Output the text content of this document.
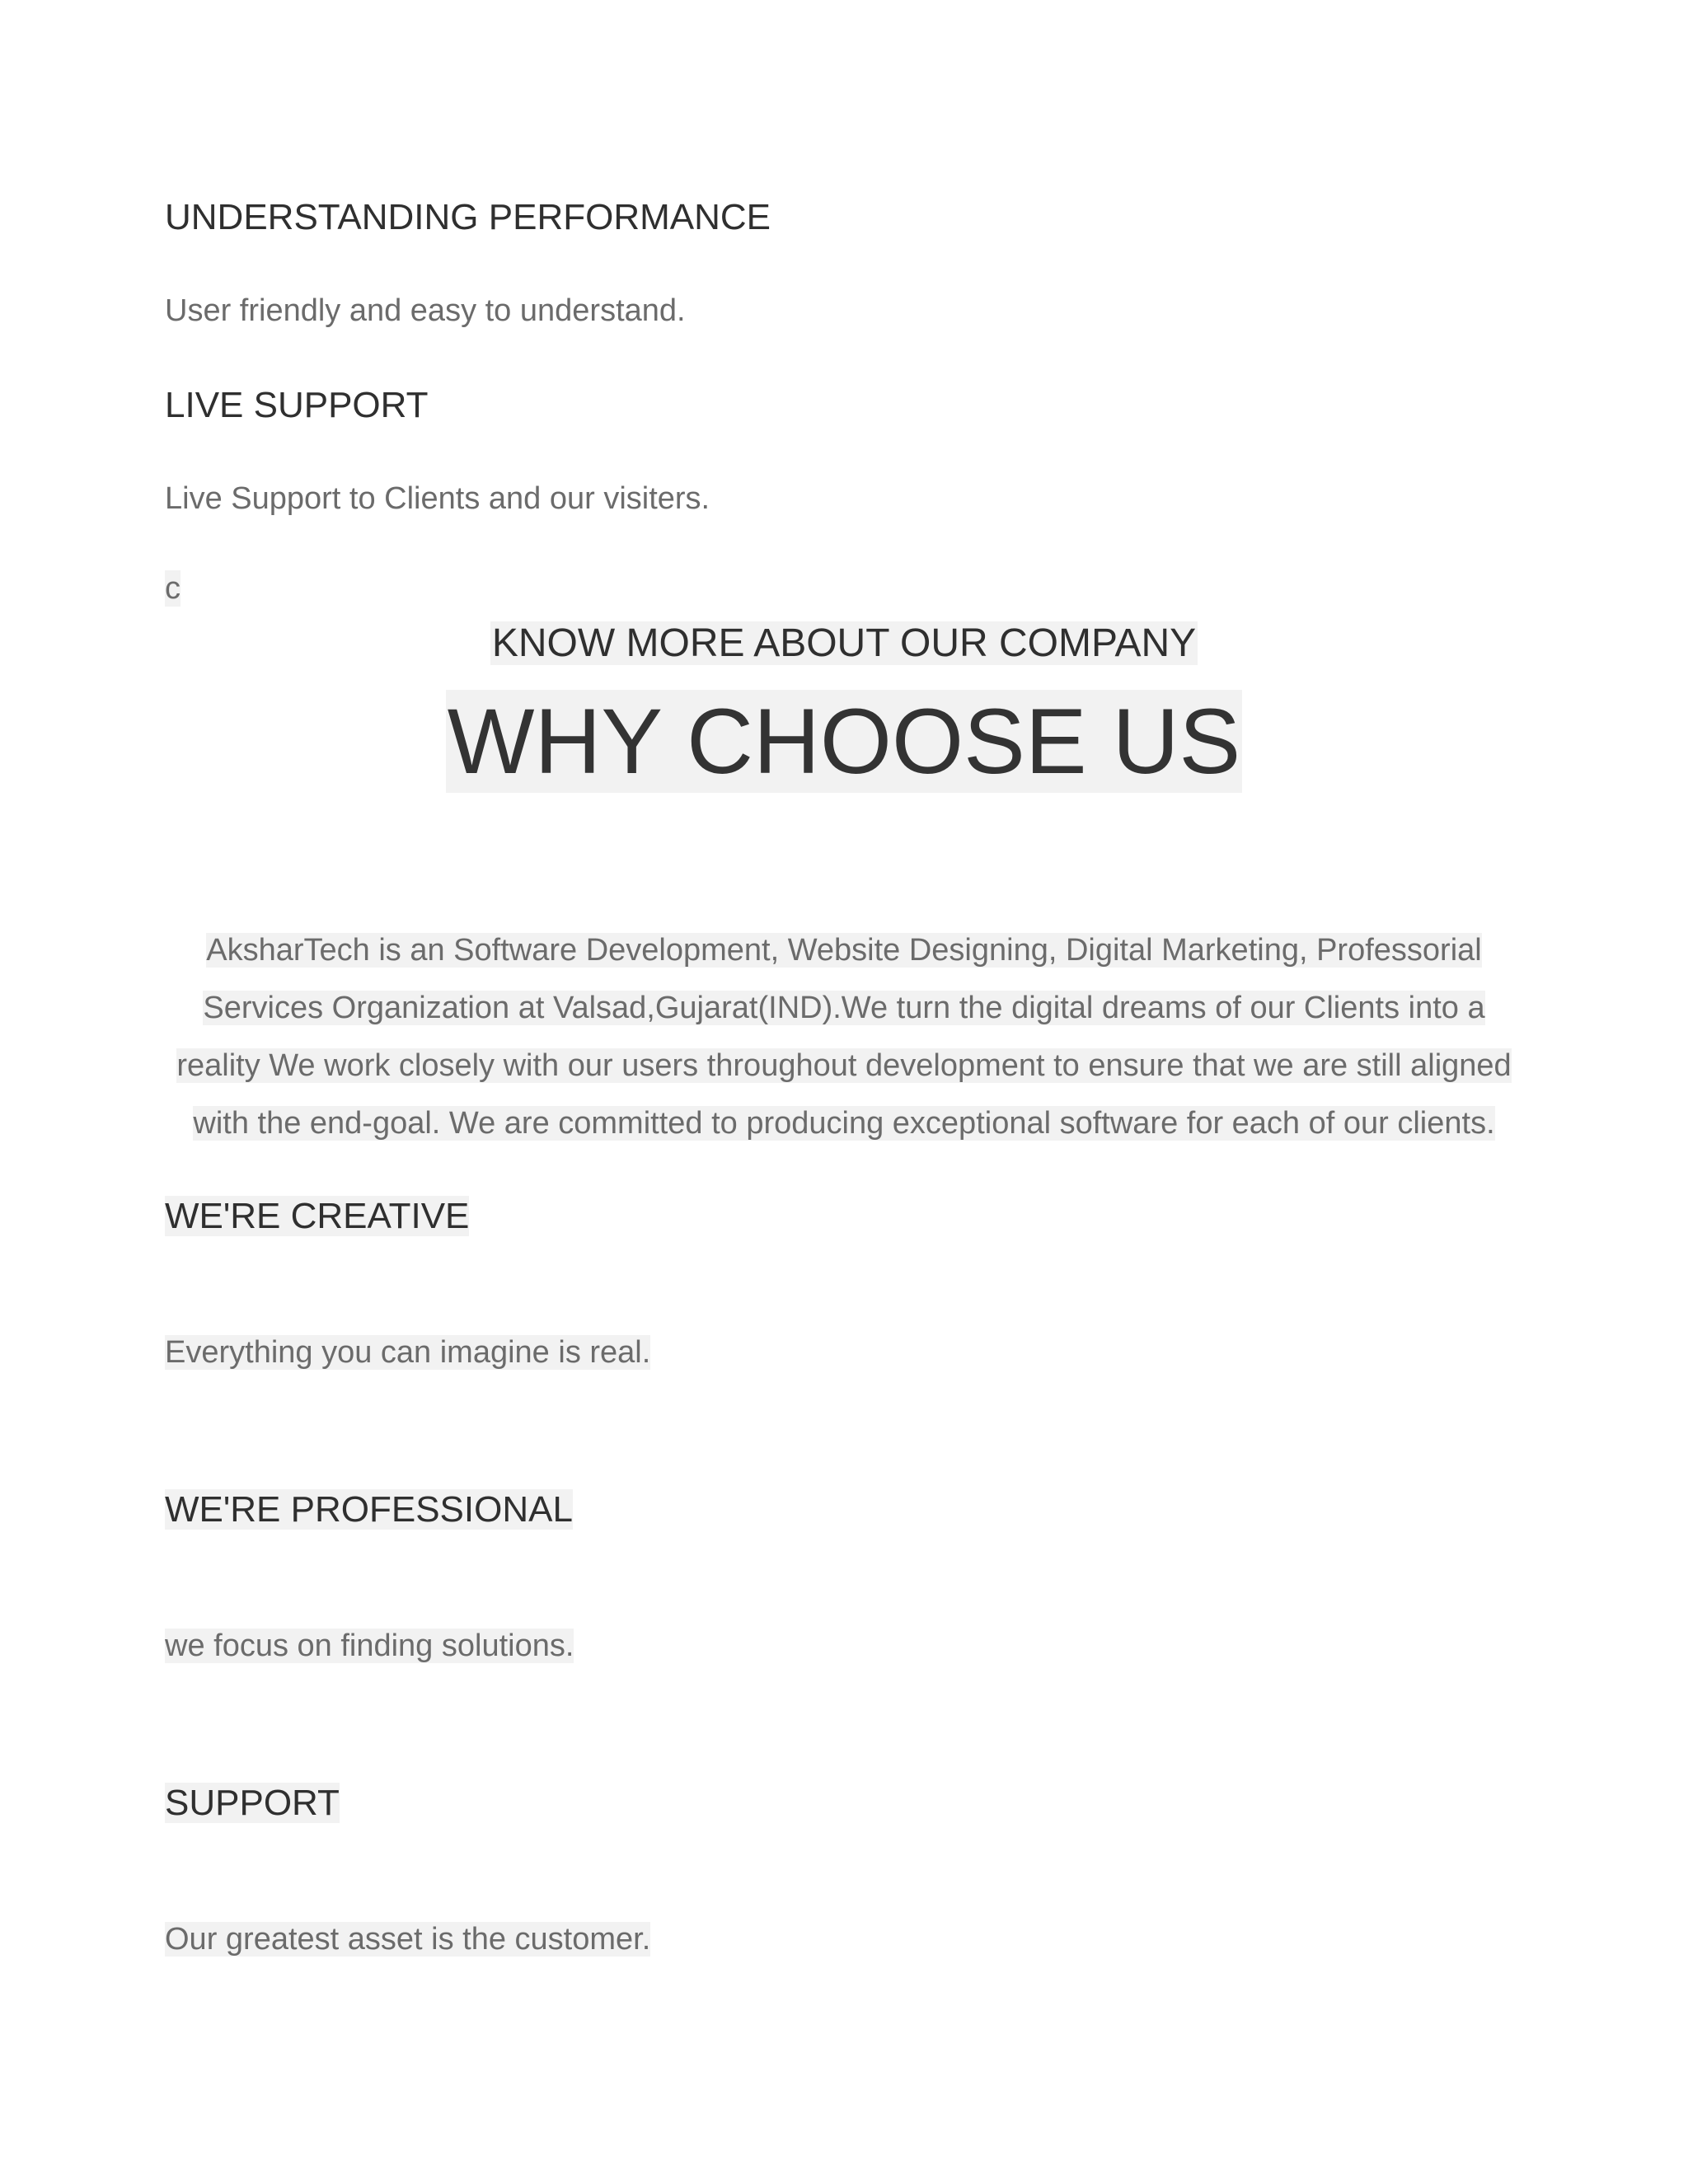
UNDERSTANDING PERFORMANCE

User friendly and easy to understand.

LIVE SUPPORT

Live Support to Clients and our visiters.

c
KNOW MORE ABOUT OUR COMPANY
WHY CHOOSE US

AksharTech is an Software Development, Website Designing, Digital Marketing, Professorial Services Organization at Valsad,Gujarat(IND).We turn the digital dreams of our Clients into a reality We work closely with our users throughout development to ensure that we are still aligned with the end-goal. We are committed to producing exceptional software for each of our clients.

WE'RE CREATIVE

Everything you can imagine is real.

WE'RE PROFESSIONAL

we focus on finding solutions.

SUPPORT

Our greatest asset is the customer.
